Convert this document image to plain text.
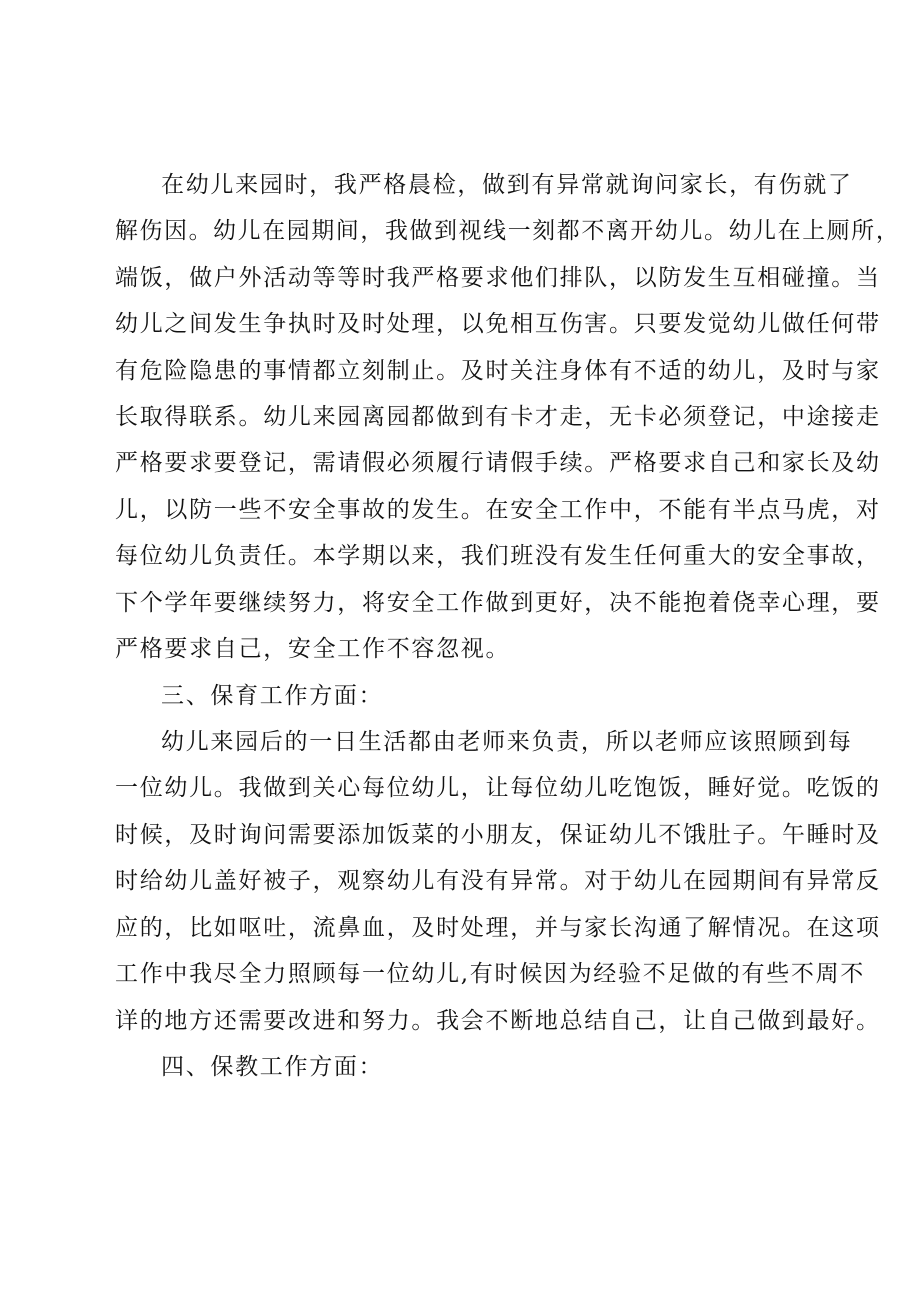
在幼儿来园时，我严格晨检，做到有异常就询问家长，有伤就了
解伤因。幼儿在园期间，我做到视线一刻都不离开幼儿。幼儿在上厕所，
端饭，做户外活动等等时我严格要求他们排队，以防发生互相碰撞。当
幼儿之间发生争执时及时处理，以免相互伤害。只要发觉幼儿做任何带
有危险隐患的事情都立刻制止。及时关注身体有不适的幼儿，及时与家
长取得联系。幼儿来园离园都做到有卡才走，无卡必须登记，中途接走
严格要求要登记，需请假必须履行请假手续。严格要求自己和家长及幼
儿，以防一些不安全事故的发生。在安全工作中，不能有半点马虎，对
每位幼儿负责任。本学期以来，我们班没有发生任何重大的安全事故，
下个学年要继续努力，将安全工作做到更好，决不能抱着侥幸心理，要
严格要求自己，安全工作不容忽视。
三、保育工作方面：
幼儿来园后的一日生活都由老师来负责，所以老师应该照顾到每
一位幼儿。我做到关心每位幼儿，让每位幼儿吃饱饭，睡好觉。吃饭的
时候，及时询问需要添加饭菜的小朋友，保证幼儿不饿肚子。午睡时及
时给幼儿盖好被子，观察幼儿有没有异常。对于幼儿在园期间有异常反
应的，比如呕吐，流鼻血，及时处理，并与家长沟通了解情况。在这项
工作中我尽全力照顾每一位幼儿,有时候因为经验不足做的有些不周不
详的地方还需要改进和努力。我会不断地总结自己，让自己做到最好。
四、保教工作方面：
